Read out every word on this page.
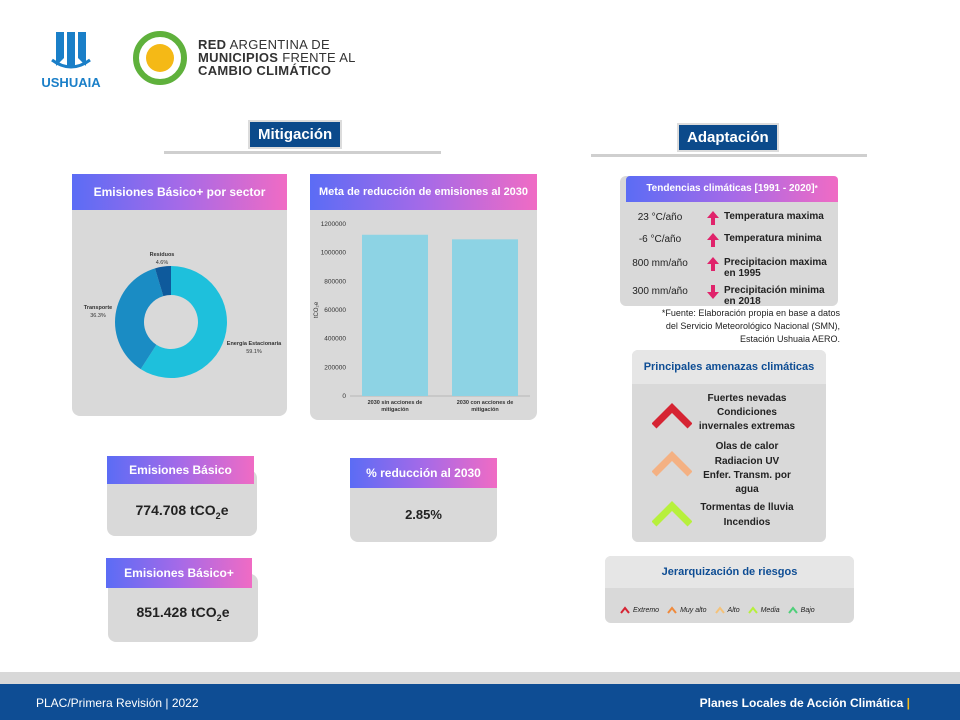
USHUAIA
RED ARGENTINA DE
MUNICIPIOS FRENTE AL
CAMBIO CLIMÁTICO
Mitigación
Emisiones Básico+ por sector
Energía Estacionaria
59.1%
Transporte
36.3%
Residuos
4.6%
Meta de reducción de emisiones al 2030
0
200000
400000
600000
800000
1000000
1200000
tCO₂e
2030 sin acciones de
mitigación
2030 con acciones de
mitigación
Emisiones Básico
774.708 tCO$_2$e
Emisiones Básico+
851.428 tCO$_2$e
% reducción al 2030
2.85%
Adaptación
Tendencias climáticas [1991 - 2020]*
23 °C/año	Temperatura maxima
-6 °C/año	Temperatura minima
800 mm/año	Precipitacion maxima en 1995
300 mm/año	Precipitación minima en 2018
*Fuente: Elaboración propia en base a datos
del Servicio Meteorológico Nacional (SMN),
Estación Ushuaia AERO.
Principales amenazas climáticas
Fuertes nevadas
Condiciones invernales extremas
Olas de calor
Radiacion UV
Enfer. Transm. por agua
Tormentas de lluvia
Incendios
Jerarquización de riesgos
Extremo	Muy alto	Alto	Media	Bajo
PLAC/Primera Revisión | 2022	Planes Locales de Acción Climática |
